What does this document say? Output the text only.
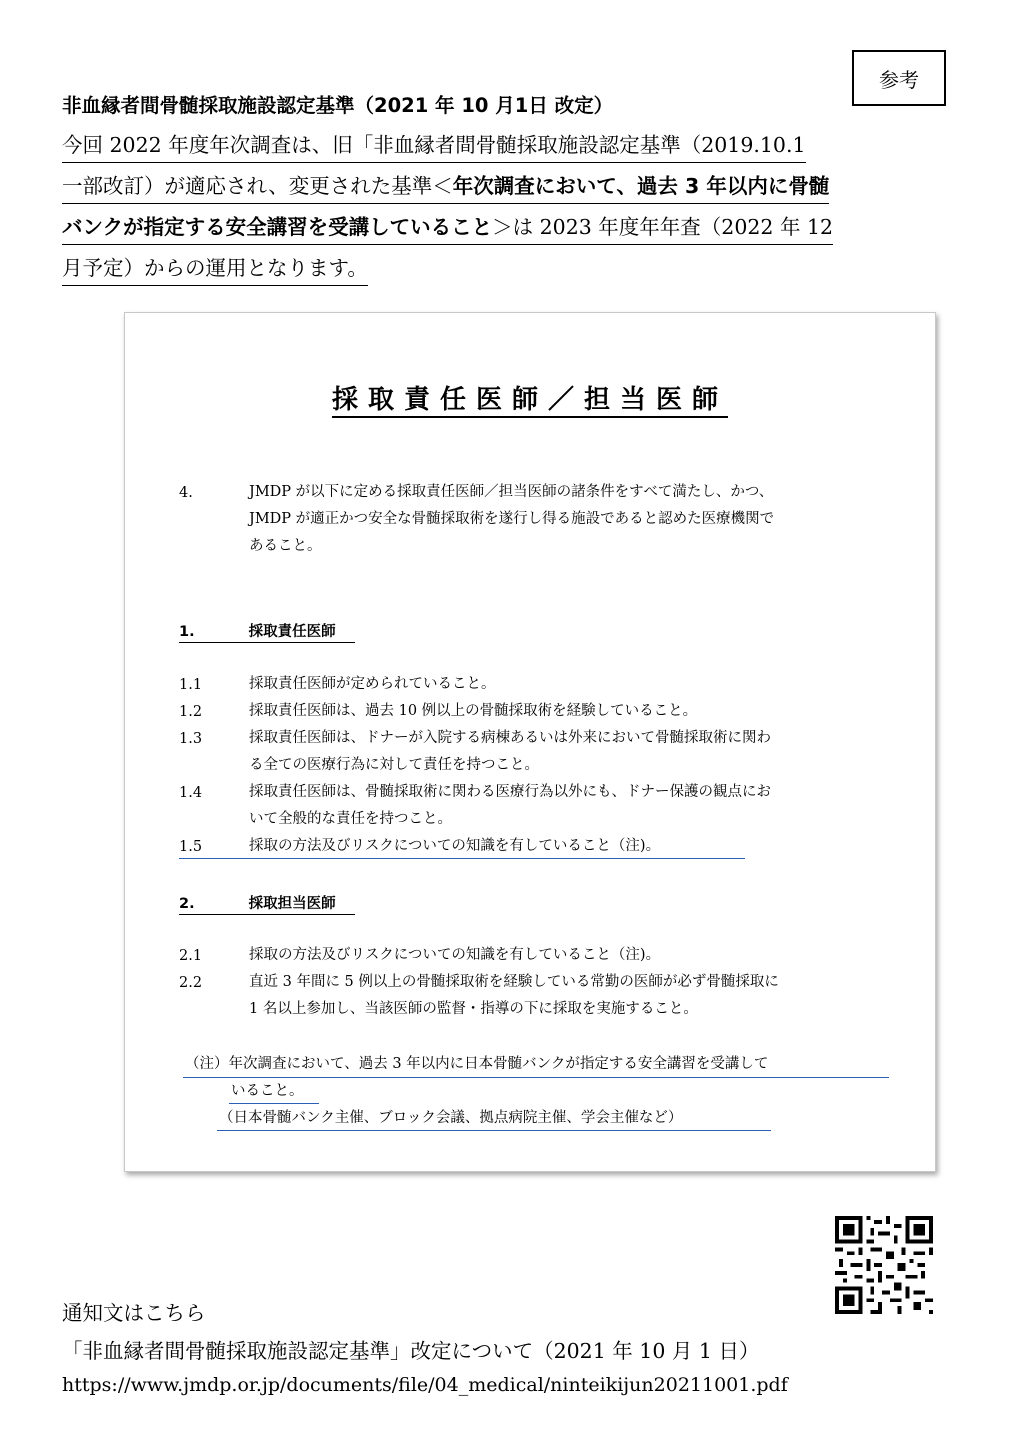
参考
非血縁者間骨髄採取施設認定基準（2021 年 10 月1日 改定）
今回 2022 年度年次調査は、旧「非血縁者間骨髄採取施設認定基準（2019.10.1
一部改訂）が適応され、変更された基準＜年次調査において、過去 3 年以内に骨髄
バンクが指定する安全講習を受講していること＞は 2023 年度年年査（2022 年 12
月予定）からの運用となります。
採取責任医師／担当医師
4.	JMDP が以下に定める採取責任医師／担当医師の諸条件をすべて満たし、かつ、
JMDP が適正かつ安全な骨髄採取術を遂行し得る施設であると認めた医療機関で
あること。
1.	採取責任医師
1.1	採取責任医師が定められていること。
1.2	採取責任医師は、過去 10 例以上の骨髄採取術を経験していること。
1.3	採取責任医師は、ドナーが入院する病棟あるいは外来において骨髄採取術に関わ
る全ての医療行為に対して責任を持つこと。
1.4	採取責任医師は、骨髄採取術に関わる医療行為以外にも、ドナー保護の観点にお
いて全般的な責任を持つこと。
1.5	採取の方法及びリスクについての知識を有していること（注)。
2.	採取担当医師
2.1	採取の方法及びリスクについての知識を有していること（注)。
2.2	直近 3 年間に 5 例以上の骨髄採取術を経験している常勤の医師が必ず骨髄採取に
1 名以上参加し、当該医師の監督・指導の下に採取を実施すること。
（注）年次調査において、過去 3 年以内に日本骨髄バンクが指定する安全講習を受講して
いること。
（日本骨髄バンク主催、ブロック会議、拠点病院主催、学会主催など）
通知文はこちら
「非血縁者間骨髄採取施設認定基準」改定について（2021 年 10 月 1 日）
https://www.jmdp.or.jp/documents/file/04_medical/ninteikijun20211001.pdf
